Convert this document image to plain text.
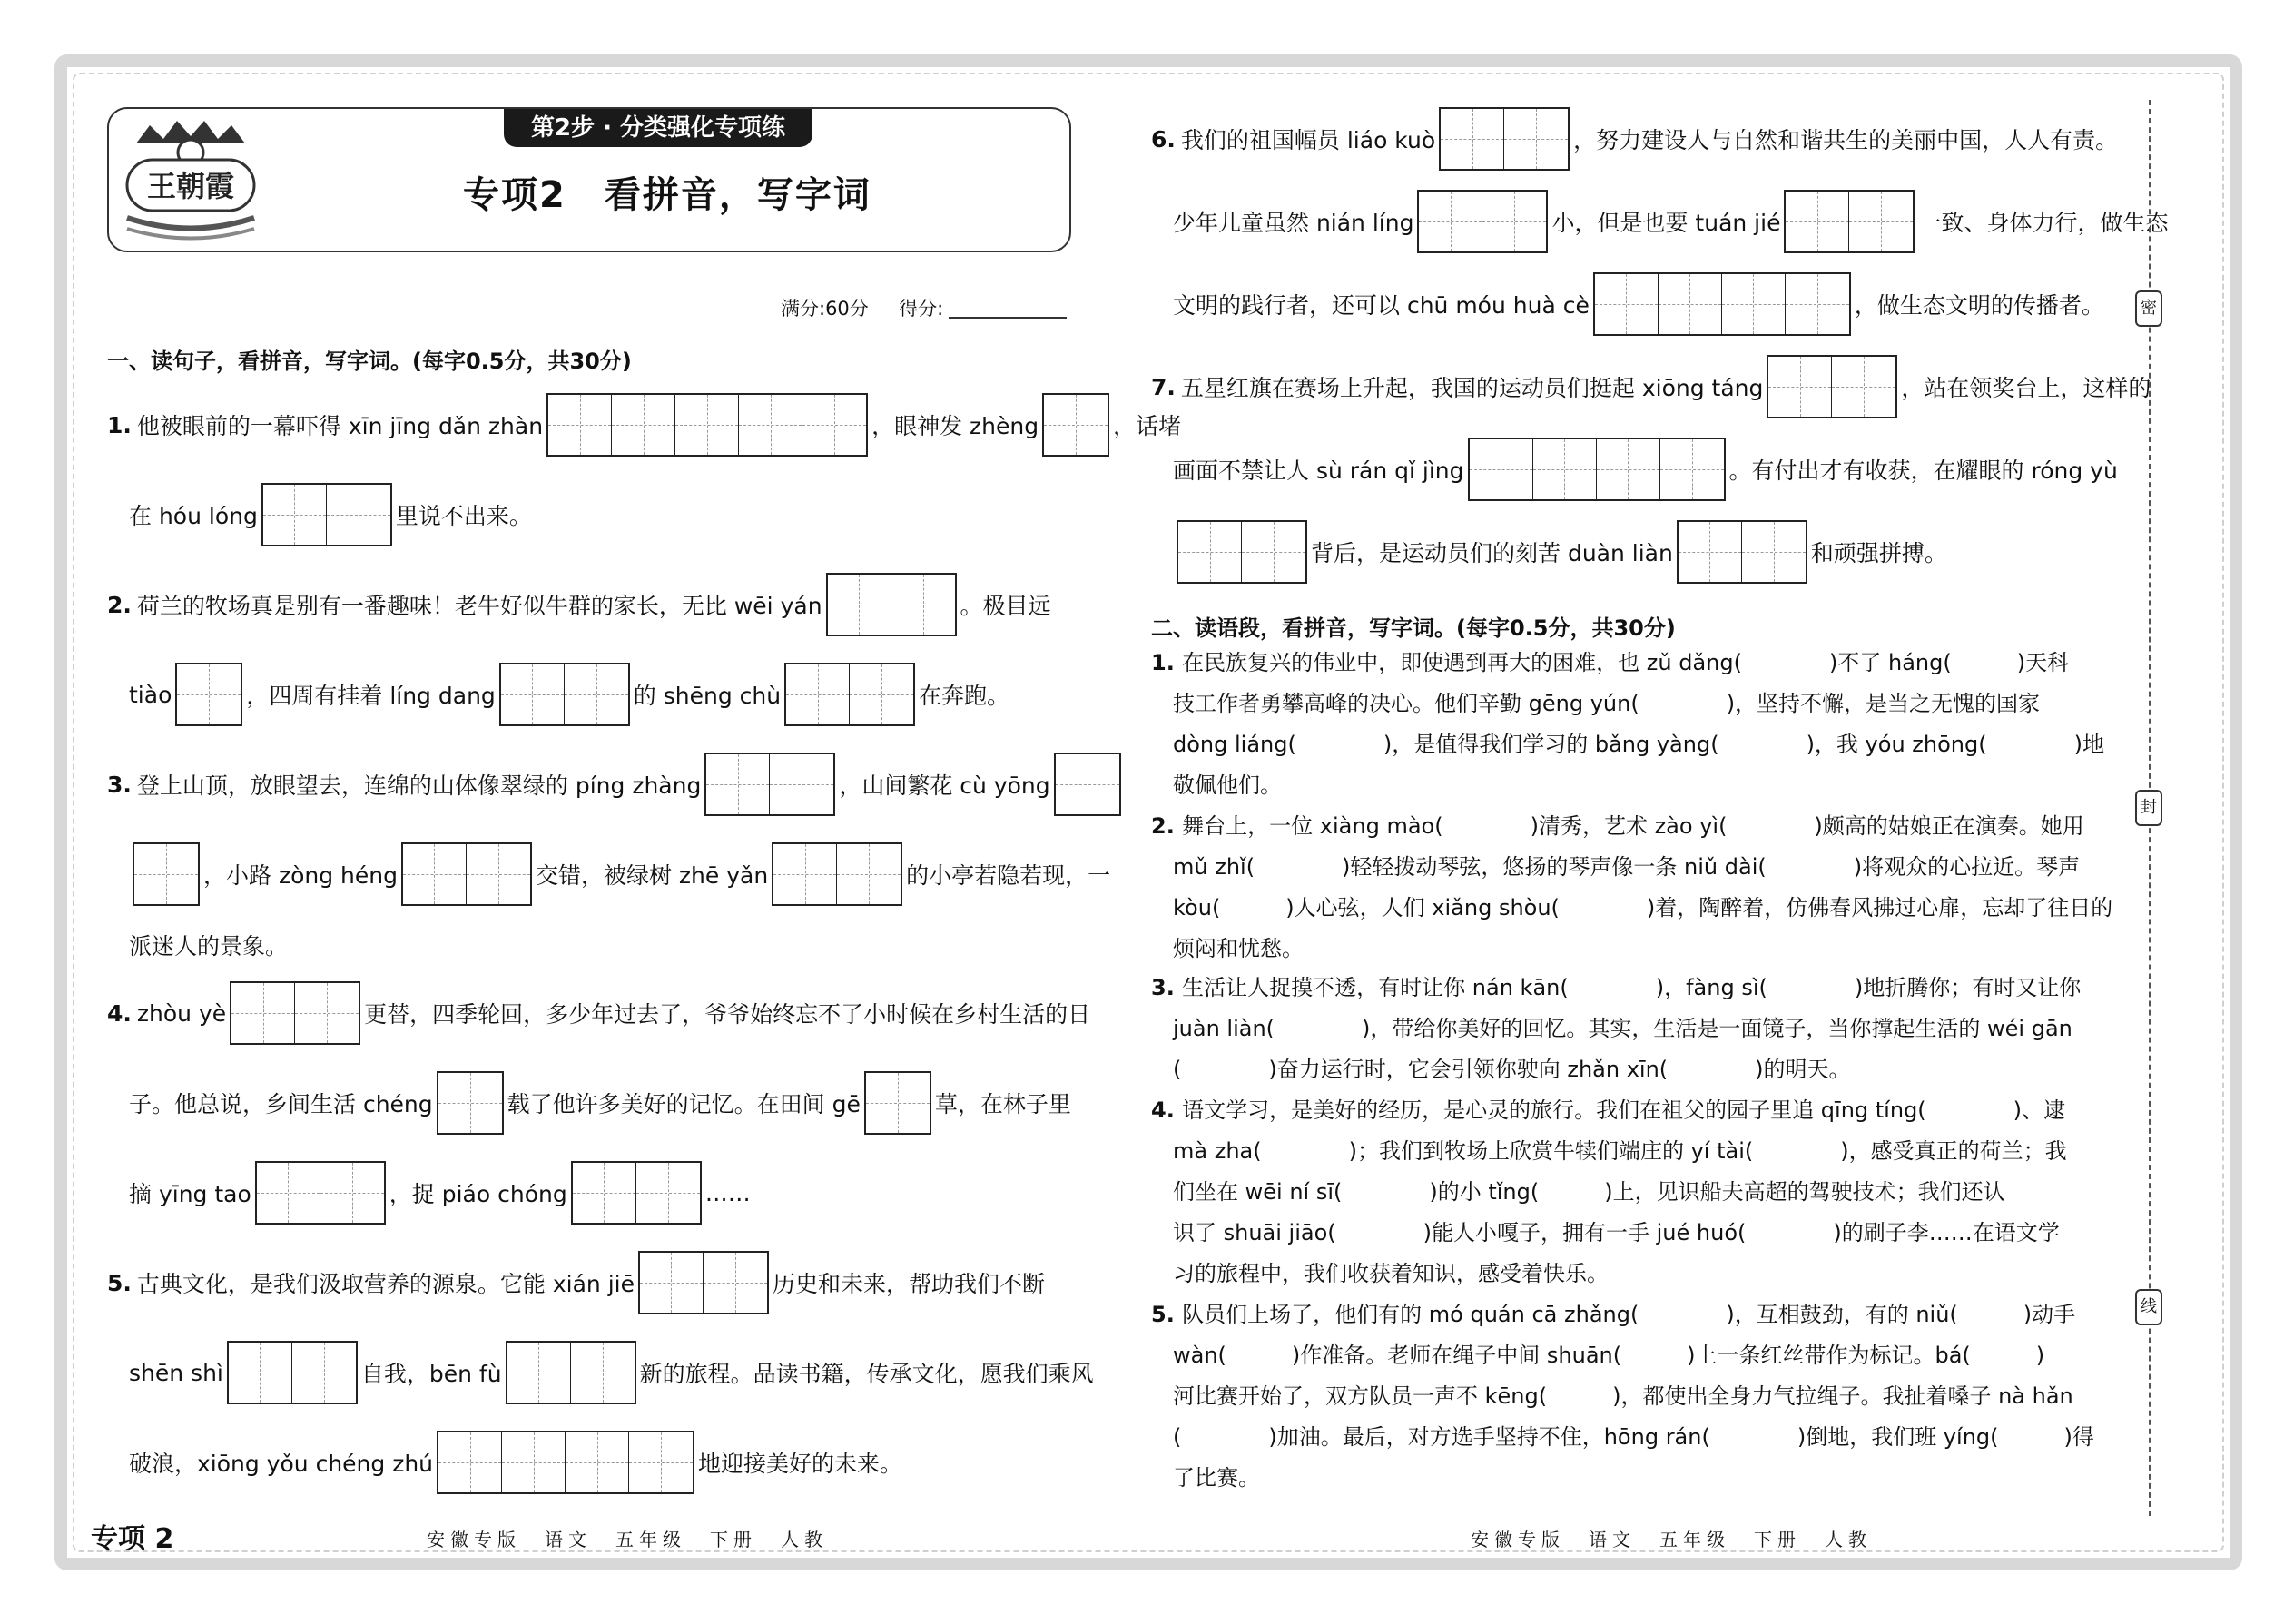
王朝霞
第2步 · 分类强化专项练
专项2　看拼音，写字词
满分:60分 得分:
一、读句子，看拼音，写字词。(每字0.5分，共30分)
1. 他被眼前的一幕吓得 xīn jīng dǎn zhàn	，眼神发 zhèng	，话堵
在 hóu lóng	里说不出来。
2. 荷兰的牧场真是别有一番趣味！老牛好似牛群的家长，无比 wēi yán	。极目远
tiào	，四周有挂着 líng dang	的 shēng chù	在奔跑。
3. 登上山顶，放眼望去，连绵的山体像翠绿的 píng zhàng	，山间繁花 cù yōng
，小路 zòng héng	交错，被绿树 zhē yǎn	的小亭若隐若现，一
派迷人的景象。
4. zhòu yè	更替，四季轮回，多少年过去了，爷爷始终忘不了小时候在乡村生活的日
子。他总说，乡间生活 chéng	载了他许多美好的记忆。在田间 gē	草，在林子里
摘 yīng tao	，捉 piáo chóng	……
5. 古典文化，是我们汲取营养的源泉。它能 xián jiē	历史和未来，帮助我们不断
shēn shì	自我，bēn fù	新的旅程。品读书籍，传承文化，愿我们乘风
破浪，xiōng yǒu chéng zhú	地迎接美好的未来。
6. 我们的祖国幅员 liáo kuò	，努力建设人与自然和谐共生的美丽中国，人人有责。
少年儿童虽然 nián líng	小，但是也要 tuán jié	一致、身体力行，做生态
文明的践行者，还可以 chū móu huà cè	，做生态文明的传播者。
7. 五星红旗在赛场上升起，我国的运动员们挺起 xiōng táng	，站在领奖台上，这样的
画面不禁让人 sù rán qǐ jìng	。有付出才有收获，在耀眼的 róng yù
背后，是运动员们的刻苦 duàn liàn	和顽强拼搏。
二、读语段，看拼音，写字词。(每字0.5分，共30分)
1. 在民族复兴的伟业中，即使遇到再大的困难，也 zǔ dǎng(　　　　)不了 háng(　　　)天科
技工作者勇攀高峰的决心。他们辛勤 gēng yún(　　　　)，坚持不懈，是当之无愧的国家
dòng liáng(　　　　)，是值得我们学习的 bǎng yàng(　　　　)，我 yóu zhōng(　　　　)地
敬佩他们。
2. 舞台上，一位 xiàng mào(　　　　)清秀，艺术 zào yì(　　　　)颇高的姑娘正在演奏。她用
mǔ zhǐ(　　　　)轻轻拨动琴弦，悠扬的琴声像一条 niǔ dài(　　　　)将观众的心拉近。琴声
kòu(　　　)人心弦，人们 xiǎng shòu(　　　　)着，陶醉着，仿佛春风拂过心扉，忘却了往日的
烦闷和忧愁。
3. 生活让人捉摸不透，有时让你 nán kān(　　　　)，fàng sì(　　　　)地折腾你；有时又让你
juàn liàn(　　　　)，带给你美好的回忆。其实，生活是一面镜子，当你撑起生活的 wéi gān
(　　　　)奋力运行时，它会引领你驶向 zhǎn xīn(　　　　)的明天。
4. 语文学习，是美好的经历，是心灵的旅行。我们在祖父的园子里追 qīng tíng(　　　　)、逮
mà zha(　　　　)；我们到牧场上欣赏牛犊们端庄的 yí tài(　　　　)，感受真正的荷兰；我
们坐在 wēi ní sī(　　　　)的小 tǐng(　　　)上，见识船夫高超的驾驶技术；我们还认
识了 shuāi jiāo(　　　　)能人小嘎子，拥有一手 jué huó(　　　　)的刷子李……在语文学
习的旅程中，我们收获着知识，感受着快乐。
5. 队员们上场了，他们有的 mó quán cā zhǎng(　　　　)，互相鼓劲，有的 niǔ(　　　)动手
wàn(　　　)作准备。老师在绳子中间 shuān(　　　)上一条红丝带作为标记。bá(　　　)
河比赛开始了，双方队员一声不 kēng(　　　)，都使出全身力气拉绳子。我扯着嗓子 nà hǎn
(　　　　)加油。最后，对方选手坚持不住，hōng rán(　　　　)倒地，我们班 yíng(　　　)得
了比赛。
专项 2	安徽专版　语文　五年级　下册　人教	安徽专版　语文　五年级　下册　人教
密
封
线
